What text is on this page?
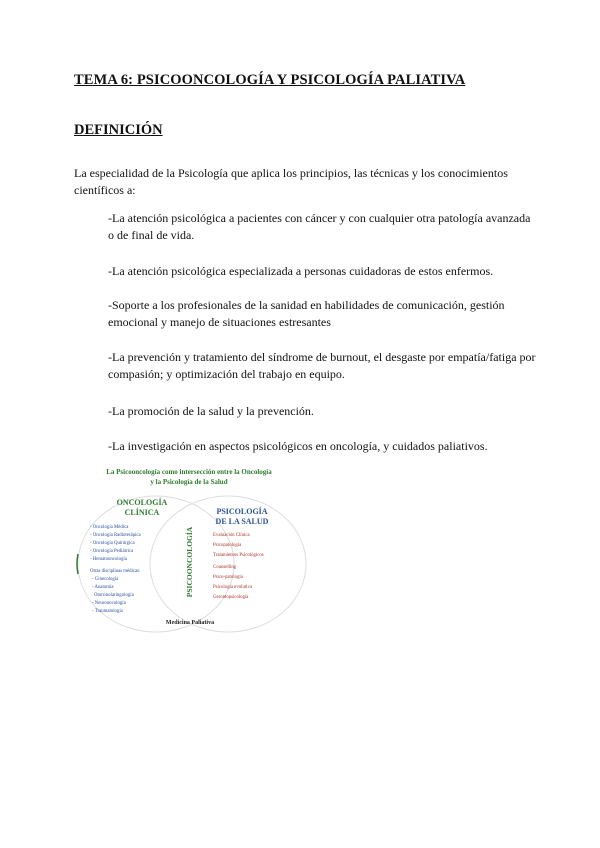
TEMA 6: PSICOONCOLOGÍA Y PSICOLOGÍA PALIATIVA
DEFINICIÓN
La especialidad de la Psicología que aplica los principios, las técnicas y los conocimientos científicos a:
-La atención psicológica a pacientes con cáncer y con cualquier otra patología avanzada o de final de vida.
-La atención psicológica especializada a personas cuidadoras de estos enfermos.
-Soporte a los profesionales de la sanidad en habilidades de comunicación, gestión emocional y manejo de situaciones estresantes
-La prevención y tratamiento del síndrome de burnout, el desgaste por empatía/fatiga por compasión; y optimización del trabajo en equipo.
-La promoción de la salud y la prevención.
-La investigación en aspectos psicológicos en oncología, y cuidados paliativos.
La Psicooncología como intersección entre la Oncología
y la Psicología de la Salud
ONCOLOGÍA
CLÍNICA
- Oncología Médica
- Oncología Radioterápica
- Oncología Quirúrgica
- Oncología Pediátrica
- Hematooncología
Otras disciplinas médicas:
- Ginecología
- Anatomía
Otorrinolaringología
- Neurooncología
- Traumatología
PSICOONCOLOGÍA
PSICOLOGÍA
DE LA SALUD
Evaluación Clínica
Psicopatología
Tratamientos Psicológicos
Counselling
Psico-patología
Psicología evolutiva
Gerontopsicología
Medicina Paliativa
